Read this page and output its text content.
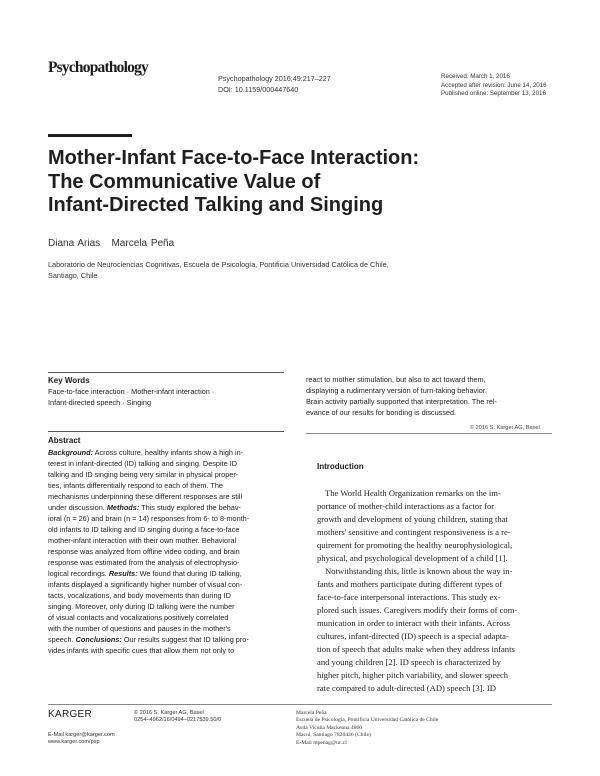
Psychopathology
Psychopathology 2016;49:217–227
DOI: 10.1159/000447640
Received: March 1, 2016
Accepted after revision: June 14, 2016
Published online: September 13, 2016
Mother-Infant Face-to-Face Interaction:
The Communicative Value of
Infant-Directed Talking and Singing
Diana Arias   Marcela Peña
Laboratorio de Neurociencias Cognitivas, Escuela de Psicología, Pontificia Universidad Católica de Chile,
Santiago, Chile
Key Words
Face-to-face interaction · Mother-infant interaction ·
Infant-directed speech · Singing
Abstract
Background: Across culture, healthy infants show a high in-
terest in infant-directed (ID) talking and singing. Despite ID
talking and ID singing being very similar in physical proper-
ties, infants differentially respond to each of them. The
mechanisms underpinning these different responses are still
under discussion. Methods: This study explored the behav-
ioral (n = 26) and brain (n = 14) responses from 6- to 8-month-
old infants to ID talking and ID singing during a face-to-face
mother-infant interaction with their own mother. Behavioral
response was analyzed from offline video coding, and brain
response was estimated from the analysis of electrophysio-
logical recordings. Results: We found that during ID talking,
infants displayed a significantly higher number of visual con-
tacts, vocalizations, and body movements than during ID
singing. Moreover, only during ID talking were the number
of visual contacts and vocalizations positively correlated
with the number of questions and pauses in the mother's
speech. Conclusions: Our results suggest that ID talking pro-
vides infants with specific cues that allow them not only to
react to mother stimulation, but also to act toward them,
displaying a rudimentary version of turn-taking behavior.
Brain activity partially supported that interpretation. The rel-
evance of our results for bonding is discussed.
© 2016 S. Karger AG, Basel
Introduction
The World Health Organization remarks on the im-
portance of mother-child interactions as a factor for
growth and development of young children, stating that
mothers' sensitive and contingent responsiveness is a re-
quirement for promoting the healthy neurophysiological,
physical, and psychological development of a child [1].
Notwithstanding this, little is known about the way in-
fants and mothers participate during different types of
face-to-face interpersonal interactions. This study ex-
plored such issues. Caregivers modify their forms of com-
munication in order to interact with their infants. Across
cultures, infant-directed (ID) speech is a special adapta-
tion of speech that adults make when they address infants
and young children [2]. ID speech is characterized by
higher pitch, higher pitch variability, and slower speech
rate compared to adult-directed (AD) speech [3]. ID
KARGER	© 2016 S. Karger AG, Basel
0254–4962/16/0494–0217$39.50/0
E-Mail karger@karger.com
www.karger.com/psp
Marcela Peña
Escuela de Psicología, Pontificia Universidad Católica de Chile
Avda Vicuña Mackenna 4860
Macul, Santiago 7820436 (Chile)
E-Mail mpenag@uc.cl
